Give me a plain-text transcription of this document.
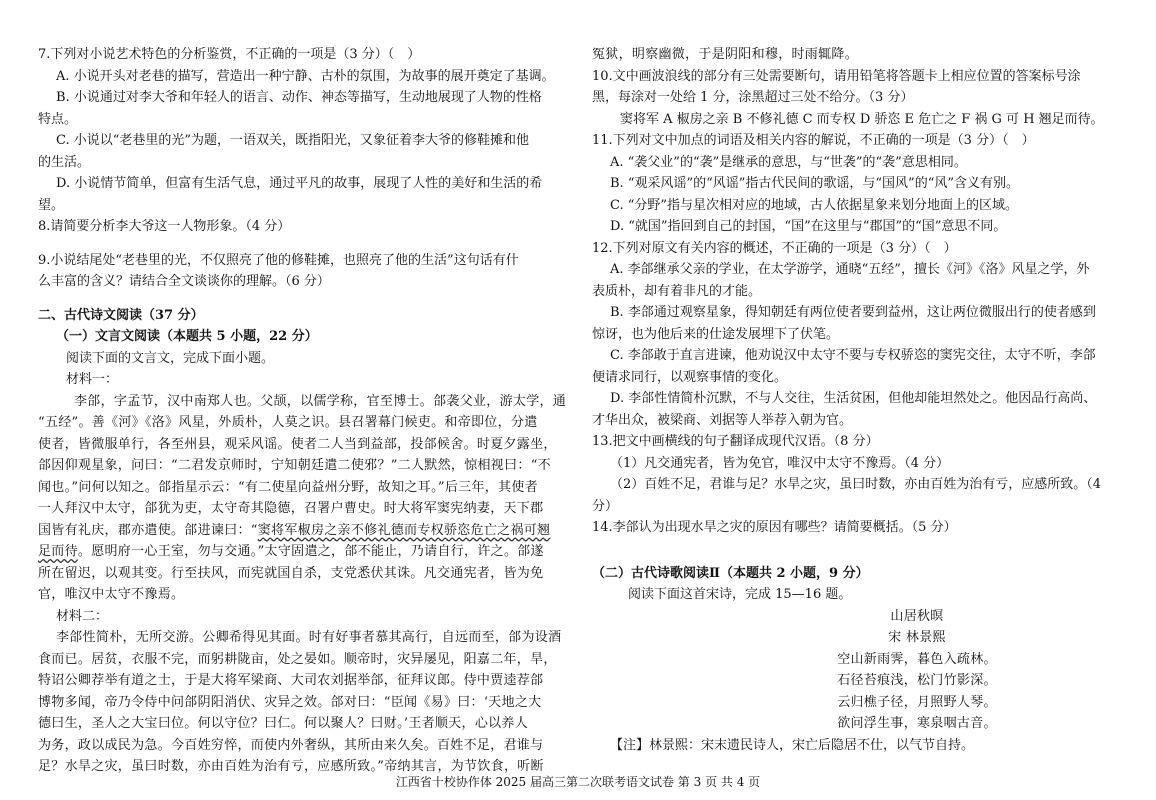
7.下列对小说艺术特色的分析鉴赏，不正确的一项是（3 分）（　）

A. 小说开头对老巷的描写，营造出一种宁静、古朴的氛围，为故事的展开奠定了基调。

B. 小说通过对李大爷和年轻人的语言、动作、神态等描写，生动地展现了人物的性格

特点。

C. 小说以“老巷里的光”为题，一语双关，既指阳光，又象征着李大爷的修鞋摊和他

的生活。

D. 小说情节简单，但富有生活气息，通过平凡的故事，展现了人性的美好和生活的希

望。

8.请简要分析李大爷这一人物形象。（4 分）

9.小说结尾处“老巷里的光，不仅照亮了他的修鞋摊，也照亮了他的生活”这句话有什

么丰富的含义？请结合全文谈谈你的理解。（6 分）

二、古代诗文阅读（37 分）

（一）文言文阅读（本题共 5 小题，22 分）

阅读下面的文言文，完成下面小题。

材料一：

李郃，字孟节，汉中南郑人也。父颉，以儒学称，官至博士。郃袭父业，游太学，通

“五经”。善《河》《洛》风星，外质朴，人莫之识。县召署幕门候吏。和帝即位，分遣

使者，皆微服单行，各至州县，观采风谣。使者二人当到益部，投郃候舍。时夏夕露坐，

郃因仰观星象，问曰：“二君发京师时，宁知朝廷遣二使邪？”二人默然，惊相视曰：“不

闻也。”问何以知之。郃指星示云：“有二使星向益州分野，故知之耳。”后三年，其使者

一人拜汉中太守，郃犹为吏，太守奇其隐德，召署户曹史。时大将军窦宪纳妻，天下郡

国皆有礼庆，郡亦遣使。郃进谏曰：“窦将军椒房之亲不修礼德而专权骄恣危亡之祸可翘

足而待。愿明府一心王室，勿与交通。”太守固遣之，郃不能止，乃请自行，许之。郃遂

所在留迟，以观其变。行至扶风，而宪就国自杀，支党悉伏其诛。凡交通宪者，皆为免

官，唯汉中太守不豫焉。

材料二：

李郃性简朴，无所交游。公卿希得见其面。时有好事者慕其高行，自远而至，郃为设酒

食而已。居贫，衣服不完，而躬耕陇亩，处之晏如。顺帝时，灾异屡见，阳嘉二年，旱，

特诏公卿荐举有道之士，于是大将军梁商、大司农刘据举郃，征拜议郎。侍中贾逵荐郃

博物多闻，帝乃令侍中问郃阴阳消伏、灾异之效。郃对曰：“臣闻《易》曰：‘天地之大

德曰生，圣人之大宝曰位。何以守位？曰仁。何以聚人？曰财。’王者顺天，心以养人

为务，政以成民为急。今百姓穷悴，而使内外奢纵，其所由来久矣。百姓不足，君谁与

足？水旱之灾，虽曰时数，亦由百姓为治有亏，应感所致。”帝纳其言，为节饮食，听断

冤狱，明察幽微，于是阴阳和穆，时雨辄降。

10.文中画波浪线的部分有三处需要断句，请用铅笔将答题卡上相应位置的答案标号涂

黑，每涂对一处给 1 分，涂黑超过三处不给分。（3 分）

窦将军 A 椒房之亲 B 不修礼德 C 而专权 D 骄恣 E 危亡之 F 祸 G 可 H 翘足而待。

11.下列对文中加点的词语及相关内容的解说，不正确的一项是（3 分）（　）

A. “袭父业”的“袭”是继承的意思，与“世袭”的“袭”意思相同。

B. “观采风谣”的“风谣”指古代民间的歌谣，与“国风”的“风”含义有别。

C. “分野”指与星次相对应的地域，古人依据星象来划分地面上的区域。

D. “就国”指回到自己的封国，“国”在这里与“郡国”的“国”意思不同。

12.下列对原文有关内容的概述，不正确的一项是（3 分）（　）

A. 李郃继承父亲的学业，在太学游学，通晓“五经”，擅长《河》《洛》风星之学，外

表质朴，却有着非凡的才能。

B. 李郃通过观察星象，得知朝廷有两位使者要到益州，这让两位微服出行的使者感到

惊讶，也为他后来的仕途发展埋下了伏笔。

C. 李郃敢于直言进谏，他劝说汉中太守不要与专权骄恣的窦宪交往，太守不听，李郃

便请求同行，以观察事情的变化。

D. 李郃性情简朴沉默，不与人交往，生活贫困，但他却能坦然处之。他因品行高尚、

才华出众，被梁商、刘据等人举荐入朝为官。

13.把文中画横线的句子翻译成现代汉语。（8 分）

（1）凡交通宪者，皆为免官，唯汉中太守不豫焉。（4 分）

（2）百姓不足，君谁与足？水旱之灾，虽曰时数，亦由百姓为治有亏，应感所致。（4

分）

14.李郃认为出现水旱之灾的原因有哪些？请简要概括。（5 分）

（二）古代诗歌阅读Ⅱ（本题共 2 小题，9 分）

阅读下面这首宋诗，完成 15—16 题。

山居秋暝

宋 林景熙

空山新雨霁，暮色入疏林。

石径苔痕浅，松门竹影深。

云归樵子径，月照野人琴。

欲问浮生事，寒泉咽古音。

【注】林景熙：宋末遗民诗人，宋亡后隐居不仕，以气节自持。

江西省十校协作体 2025 届高三第二次联考语文试卷 第 3 页 共 4 页
